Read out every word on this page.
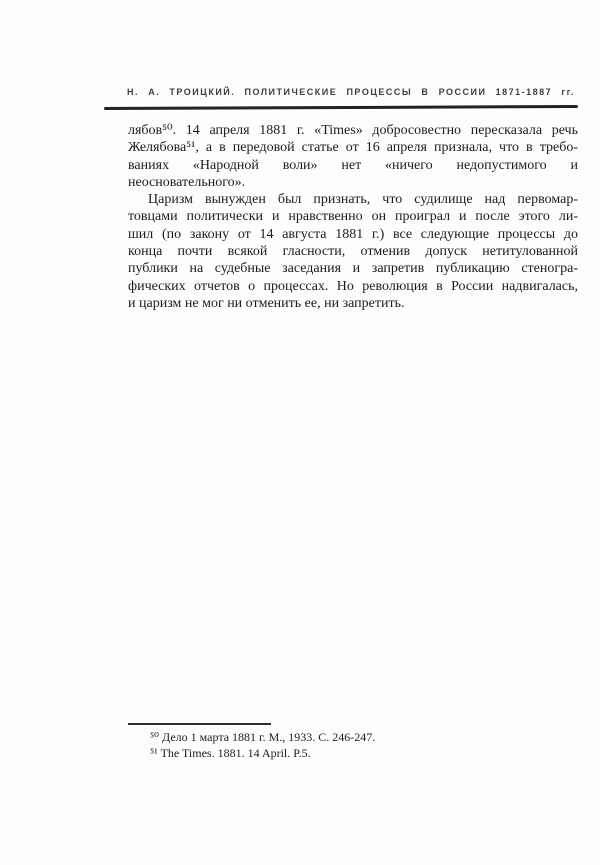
Н. А. ТРОИЦКИЙ. ПОЛИТИЧЕСКИЕ ПРОЦЕССЫ В РОССИИ 1871-1887 гг.
лябов⁵⁰. 14 апреля 1881 г. «Times» добросовестно пересказала речь
Желябова⁵¹, а в передовой статье от 16 апреля признала, что в требо-
ваниях «Народной воли» нет «ничего недопустимого и
неосновательного».
Царизм вынужден был признать, что судилище над первомар-
товцами политически и нравственно он проиграл и после этого ли-
шил (по закону от 14 августа 1881 г.) все следующие процессы до
конца почти всякой гласности, отменив допуск нетитулованной
публики на судебные заседания и запретив публикацию стеногра-
фических отчетов о процессах. Но революция в России надвигалась,
и царизм не мог ни отменить ее, ни запретить.
⁵⁰ Дело 1 марта 1881 г. М., 1933. С. 246-247.
⁵¹ The Times. 1881. 14 April. P.5.
